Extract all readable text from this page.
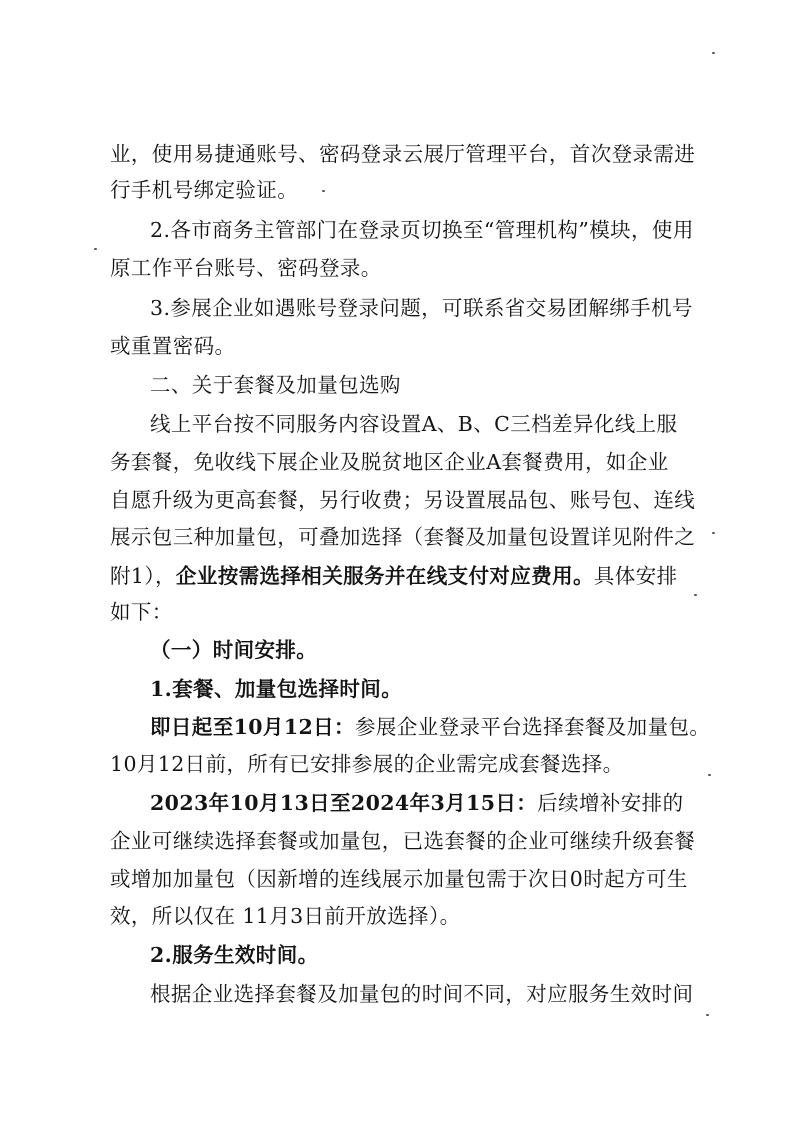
业，使用易捷通账号、密码登录云展厅管理平台，首次登录需进
行手机号绑定验证。
2.各市商务主管部门在登录页切换至“管理机构”模块，使用
原工作平台账号、密码登录。
3.参展企业如遇账号登录问题，可联系省交易团解绑手机号
或重置密码。
二、关于套餐及加量包选购
线上平台按不同服务内容设置A、B、C三档差异化线上服
务套餐，免收线下展企业及脱贫地区企业A套餐费用，如企业
自愿升级为更高套餐，另行收费；另设置展品包、账号包、连线
展示包三种加量包，可叠加选择（套餐及加量包设置详见附件之
附1），企业按需选择相关服务并在线支付对应费用。具体安排
如下：
（一）时间安排。
1.套餐、加量包选择时间。
即日起至10月12日：参展企业登录平台选择套餐及加量包。
10月12日前，所有已安排参展的企业需完成套餐选择。
2023年10月13日至2024年3月15日：后续增补安排的
企业可继续选择套餐或加量包，已选套餐的企业可继续升级套餐
或增加加量包（因新增的连线展示加量包需于次日0时起方可生
效，所以仅在 11月3日前开放选择）。
2.服务生效时间。
根据企业选择套餐及加量包的时间不同，对应服务生效时间
